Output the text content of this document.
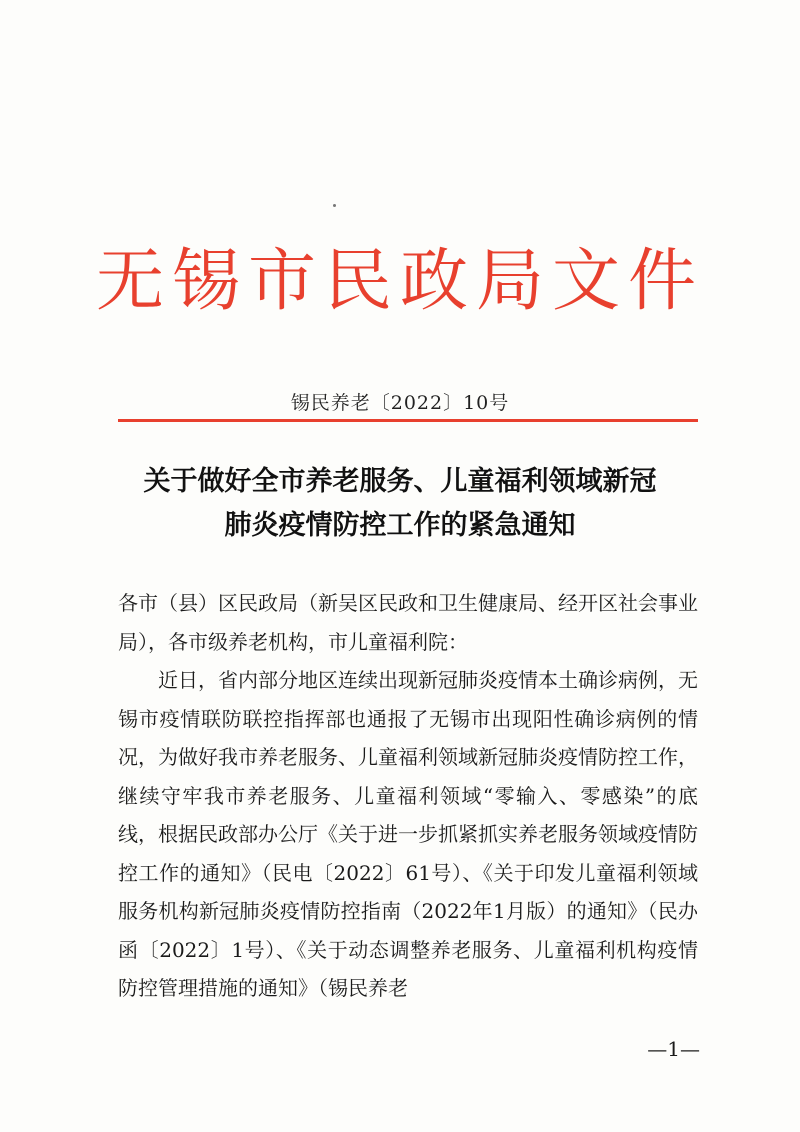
无锡市民政局文件
锡民养老〔2022〕10号
关于做好全市养老服务、儿童福利领域新冠
肺炎疫情防控工作的紧急通知

各市（县）区民政局（新吴区民政和卫生健康局、经开区社会事业局），各市级养老机构，市儿童福利院：

近日，省内部分地区连续出现新冠肺炎疫情本土确诊病例，无锡市疫情联防联控指挥部也通报了无锡市出现阳性确诊病例的情况，为做好我市养老服务、儿童福利领域新冠肺炎疫情防控工作，继续守牢我市养老服务、儿童福利领域“零输入、零感染”的底线，根据民政部办公厅《关于进一步抓紧抓实养老服务领域疫情防控工作的通知》（民电〔2022〕61号）、《关于印发儿童福利领域服务机构新冠肺炎疫情防控指南（2022年1月版）的通知》（民办函〔2022〕1号）、《关于动态调整养老服务、儿童福利机构疫情防控管理措施的通知》（锡民养老

—1—
